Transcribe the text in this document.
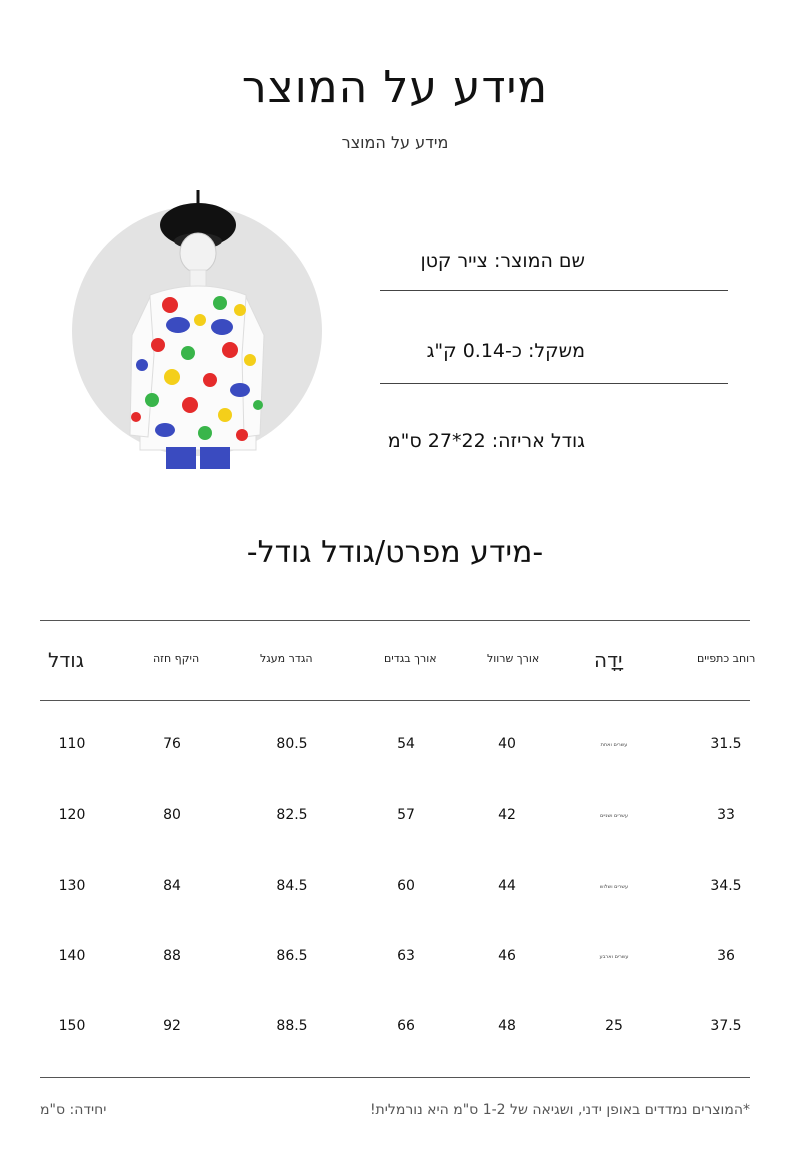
מידע על המוצר
מידע על המוצר
שם המוצר: צייר קטן
משקל: כ-0.14 ק"ג
גודל אריזה: 22*27 ס"מ
-מידע מפרט/גודל גודל-
גודל	היקף חזה	הגדר מעגל	אורך בגדים	אורך שרוול	יָדָה	רוחב כתפיים
110	76	80.5	54	40	עשרים ואחת	31.5
120	80	82.5	57	42	עשרים ושניים	33
130	84	84.5	60	44	עשרים ושלוש	34.5
140	88	86.5	63	46	עשרים וארבע	36
150	92	88.5	66	48	25	37.5
*המוצרים נמדדים באופן ידני, ושגיאה של 1-2 ס"מ היא נורמלית!
יחידה: ס"מ
